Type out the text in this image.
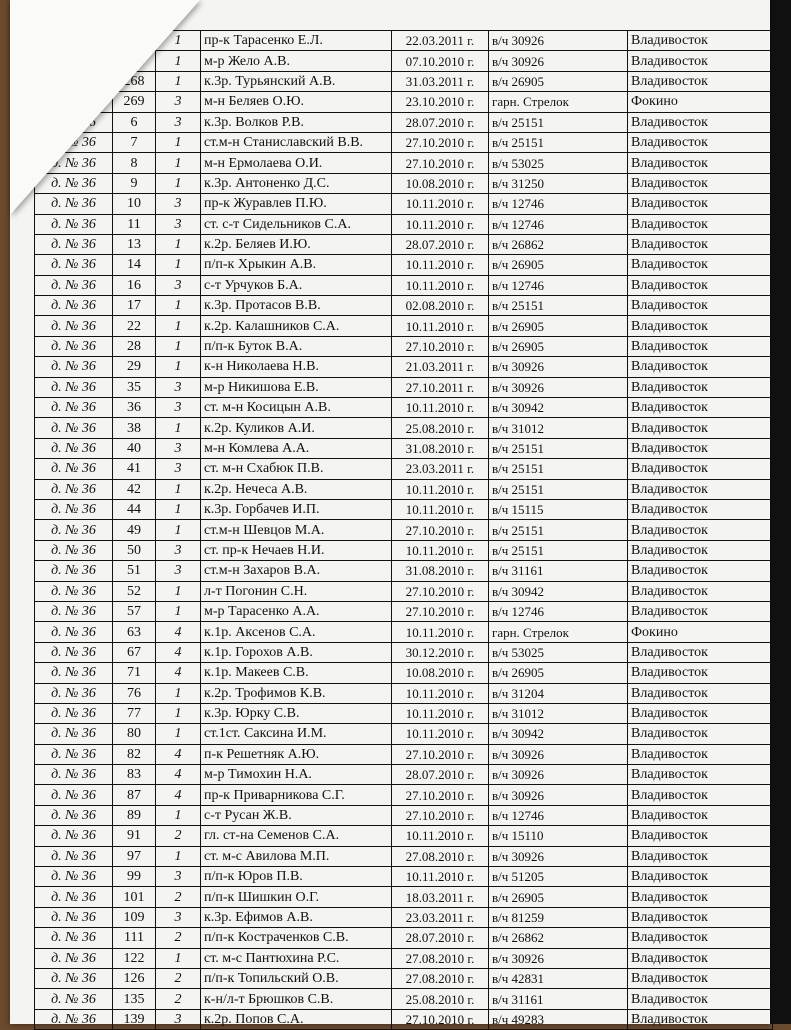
	266	1	пр-к Тарасенко Е.Л.	22.03.2011 г.	в/ч 30926	Владивосток
	266	1	м-р Жело А.В.	07.10.2010 г.	в/ч 30926	Владивосток
	268	1	к.3р. Турьянский А.В.	31.03.2011 г.	в/ч 26905	Владивосток
	269	3	м-н Беляев О.Ю.	23.10.2010 г.	гарн. Стрелок	Фокино
д. № 36	6	3	к.3р. Волков Р.В.	28.07.2010 г.	в/ч 25151	Владивосток
д. № 36	7	1	ст.м-н Станиславский В.В.	27.10.2010 г.	в/ч 25151	Владивосток
д. № 36	8	1	м-н Ермолаева О.И.	27.10.2010 г.	в/ч 53025	Владивосток
д. № 36	9	1	к.3р. Антоненко Д.С.	10.08.2010 г.	в/ч 31250	Владивосток
д. № 36	10	3	пр-к Журавлев П.Ю.	10.11.2010 г.	в/ч 12746	Владивосток
д. № 36	11	3	ст. с-т Сидельников С.А.	10.11.2010 г.	в/ч 12746	Владивосток
д. № 36	13	1	к.2р. Беляев И.Ю.	28.07.2010 г.	в/ч 26862	Владивосток
д. № 36	14	1	п/п-к Хрыкин А.В.	10.11.2010 г.	в/ч 26905	Владивосток
д. № 36	16	3	с-т Урчуков Б.А.	10.11.2010 г.	в/ч 12746	Владивосток
д. № 36	17	1	к.3р. Протасов В.В.	02.08.2010 г.	в/ч 25151	Владивосток
д. № 36	22	1	к.2р. Калашников С.А.	10.11.2010 г.	в/ч 26905	Владивосток
д. № 36	28	1	п/п-к Буток В.А.	27.10.2010 г.	в/ч 26905	Владивосток
д. № 36	29	1	к-н Николаева Н.В.	21.03.2011 г.	в/ч 30926	Владивосток
д. № 36	35	3	м-р Никишова Е.В.	27.10.2011 г.	в/ч 30926	Владивосток
д. № 36	36	3	ст. м-н Косицын А.В.	10.11.2010 г.	в/ч 30942	Владивосток
д. № 36	38	1	к.2р. Куликов А.И.	25.08.2010 г.	в/ч 31012	Владивосток
д. № 36	40	3	м-н Комлева А.А.	31.08.2010 г.	в/ч 25151	Владивосток
д. № 36	41	3	ст. м-н Схабюк П.В.	23.03.2011 г.	в/ч 25151	Владивосток
д. № 36	42	1	к.2р. Нечеса А.В.	10.11.2010 г.	в/ч 25151	Владивосток
д. № 36	44	1	к.3р. Горбачев И.П.	10.11.2010 г.	в/ч 15115	Владивосток
д. № 36	49	1	ст.м-н Шевцов М.А.	27.10.2010 г.	в/ч 25151	Владивосток
д. № 36	50	3	ст. пр-к Нечаев Н.И.	10.11.2010 г.	в/ч 25151	Владивосток
д. № 36	51	3	ст.м-н Захаров В.А.	31.08.2010 г.	в/ч 31161	Владивосток
д. № 36	52	1	л-т Погонин С.Н.	27.10.2010 г.	в/ч 30942	Владивосток
д. № 36	57	1	м-р Тарасенко А.А.	27.10.2010 г.	в/ч 12746	Владивосток
д. № 36	63	4	к.1р. Аксенов С.А.	10.11.2010 г.	гарн. Стрелок	Фокино
д. № 36	67	4	к.1р. Горохов А.В.	30.12.2010 г.	в/ч 53025	Владивосток
д. № 36	71	4	к.1р. Макеев С.В.	10.08.2010 г.	в/ч 26905	Владивосток
д. № 36	76	1	к.2р. Трофимов К.В.	10.11.2010 г.	в/ч 31204	Владивосток
д. № 36	77	1	к.3р. Юрку С.В.	10.11.2010 г.	в/ч 31012	Владивосток
д. № 36	80	1	ст.1ст. Саксина И.М.	10.11.2010 г.	в/ч 30942	Владивосток
д. № 36	82	4	п-к Решетняк А.Ю.	27.10.2010 г.	в/ч 30926	Владивосток
д. № 36	83	4	м-р Тимохин Н.А.	28.07.2010 г.	в/ч 30926	Владивосток
д. № 36	87	4	пр-к Приварникова С.Г.	27.10.2010 г.	в/ч 30926	Владивосток
д. № 36	89	1	с-т Русан Ж.В.	27.10.2010 г.	в/ч 12746	Владивосток
д. № 36	91	2	гл. ст-на Семенов С.А.	10.11.2010 г.	в/ч 15110	Владивосток
д. № 36	97	1	ст. м-с Авилова М.П.	27.08.2010 г.	в/ч 30926	Владивосток
д. № 36	99	3	п/п-к Юров П.В.	10.11.2010 г.	в/ч 51205	Владивосток
д. № 36	101	2	п/п-к Шишкин О.Г.	18.03.2011 г.	в/ч 26905	Владивосток
д. № 36	109	3	к.3р. Ефимов А.В.	23.03.2011 г.	в/ч 81259	Владивосток
д. № 36	111	2	п/п-к Костраченков С.В.	28.07.2010 г.	в/ч 26862	Владивосток
д. № 36	122	1	ст. м-с Пантюхина Р.С.	27.08.2010 г.	в/ч 30926	Владивосток
д. № 36	126	2	п/п-к Топильский О.В.	27.08.2010 г.	в/ч 42831	Владивосток
д. № 36	135	2	к-н/л-т Брюшков С.В.	25.08.2010 г.	в/ч 31161	Владивосток
д. № 36	139	3	к.2р. Попов С.А.	27.10.2010 г.	в/ч 49283	Владивосток
